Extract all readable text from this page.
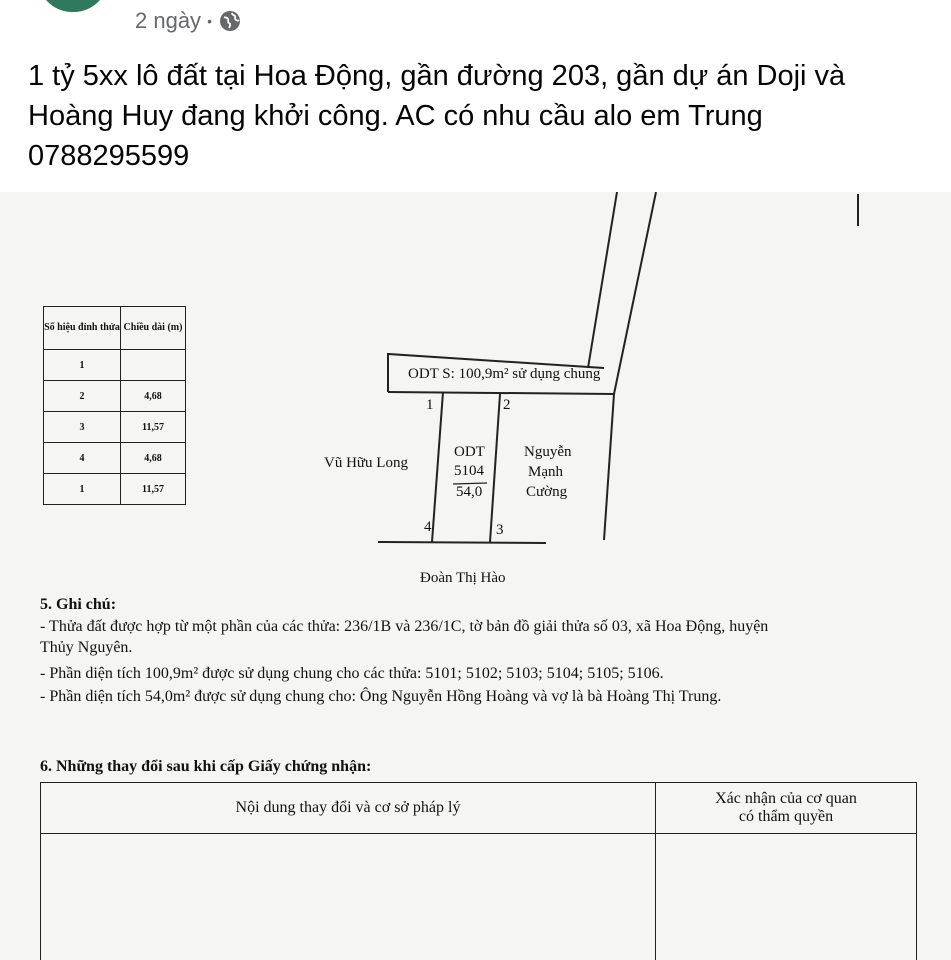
2 ngày •

1 tỷ 5xx lô đất tại Hoa Động, gần đường 203, gần dự án Doji và Hoàng Huy đang khởi công. AC có nhu cầu alo em Trung 0788295599

Số hiệu đỉnh thửa	Chiều dài (m)
1	
2	4,68
3	11,57
4	4,68
1	11,57
ODT S: 100,9m² sử dụng chung
1	2
4	3
ODT
5104
54,0
Vũ Hữu Long
Nguyễn
Mạnh
Cường
Đoàn Thị Hào
5. Ghi chú:
- Thửa đất được hợp từ một phần của các thửa: 236/1B và 236/1C, tờ bản đồ giải thửa số 03, xã Hoa Động, huyện
Thủy Nguyên.
- Phần diện tích 100,9m² được sử dụng chung cho các thửa: 5101; 5102; 5103; 5104; 5105; 5106.
- Phần diện tích 54,0m² được sử dụng chung cho: Ông Nguyễn Hồng Hoàng và vợ là bà Hoàng Thị Trung.
6. Những thay đổi sau khi cấp Giấy chứng nhận:
Nội dung thay đổi và cơ sở pháp lý	Xác nhận của cơ quan
có thẩm quyền
